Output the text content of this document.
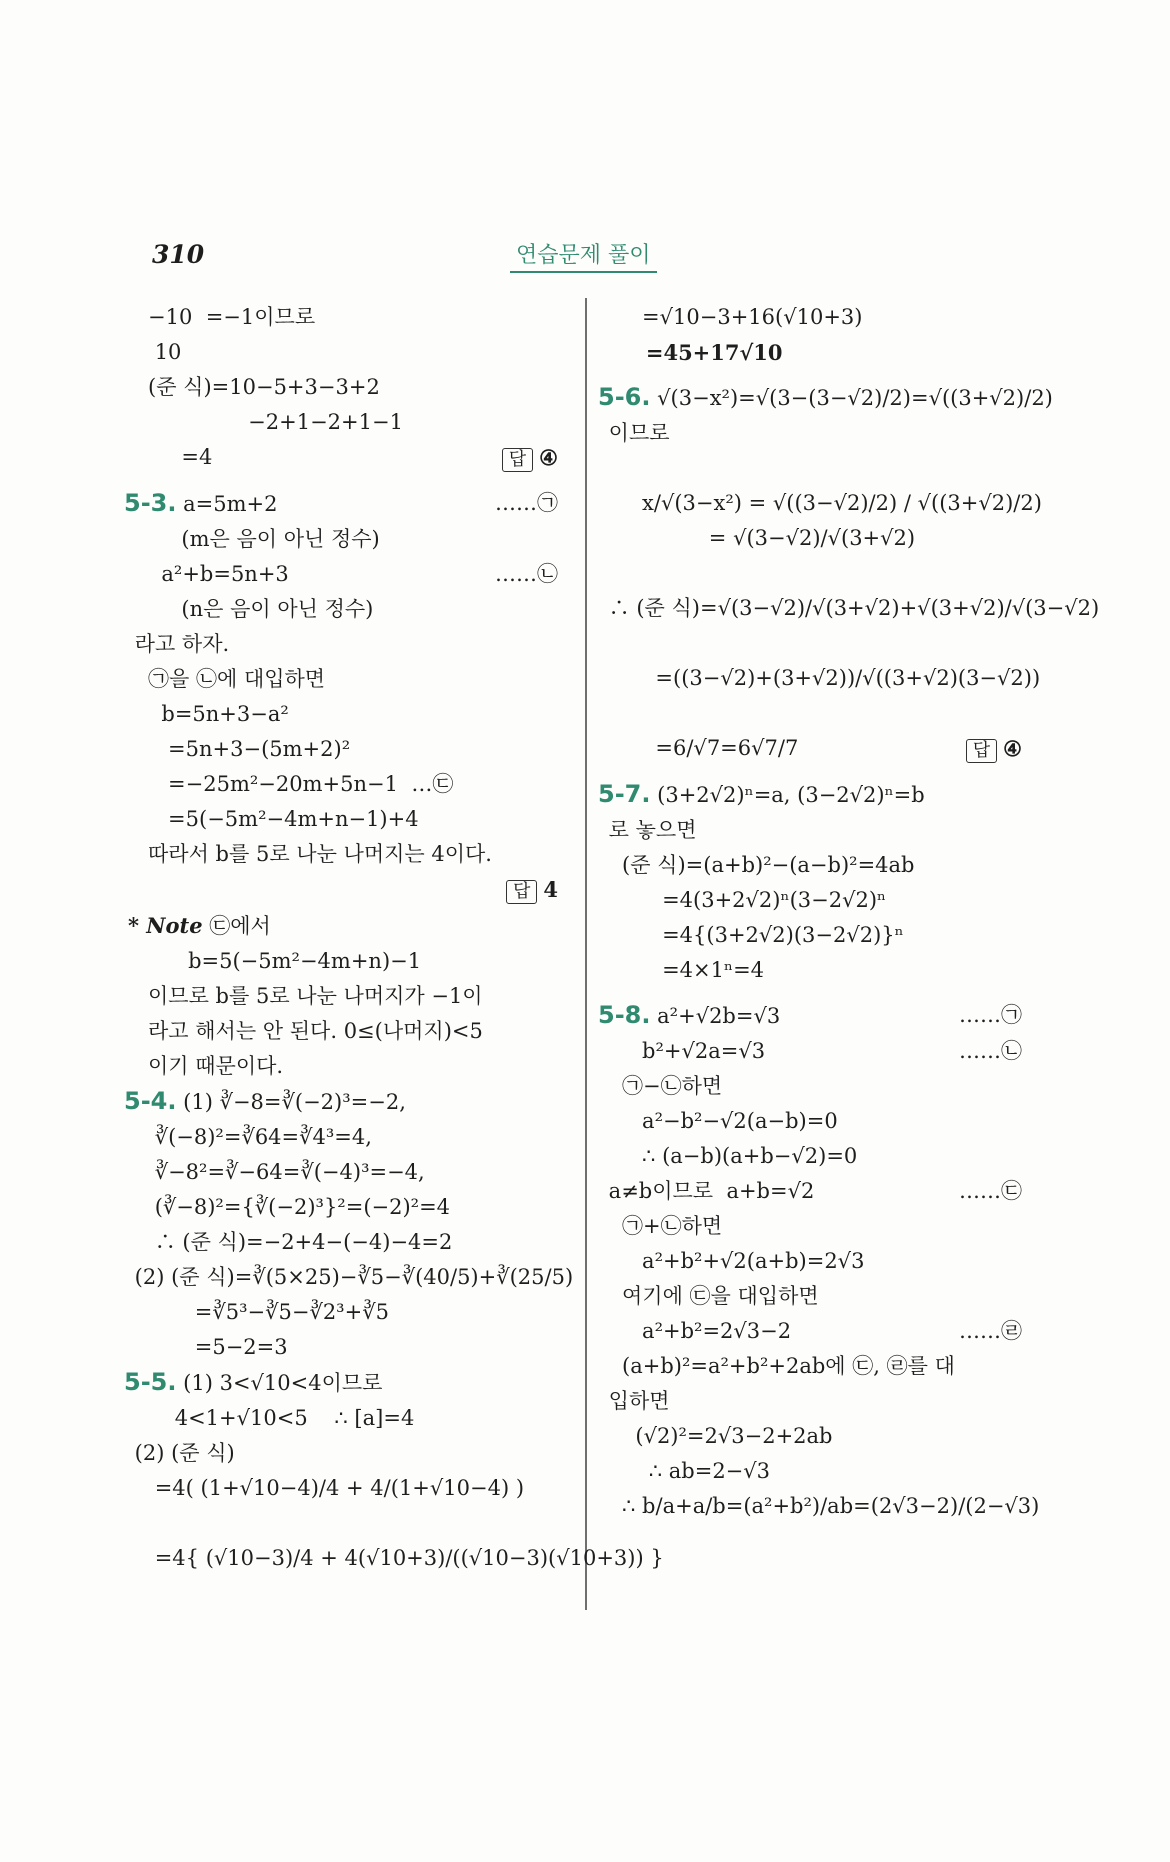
310	연습문제 풀이
−10  =−1이므로
10
(준 식)=10−5+3−3+2
−2+1−2+1−1
=4	답 ④
5-3. a=5m+2	……㉠
(m은 음이 아닌 정수)
a²+b=5n+3	……㉡
(n은 음이 아닌 정수)
라고 하자.
㉠을 ㉡에 대입하면
b=5n+3−a²
=5n+3−(5m+2)²
=−25m²−20m+5n−1  …㉢
=5(−5m²−4m+n−1)+4
따라서 b를 5로 나눈 나머지는 4이다.
답 4
* Note ㉢에서
b=5(−5m²−4m+n)−1
이므로 b를 5로 나눈 나머지가 −1이
라고 해서는 안 된다. 0≤(나머지)<5
이기 때문이다.
5-4. (1) ∛−8=∛(−2)³=−2,
∛(−8)²=∛64=∛4³=4,
∛−8²=∛−64=∛(−4)³=−4,
(∛−8)²={∛(−2)³}²=(−2)²=4
∴ (준 식)=−2+4−(−4)−4=2
(2) (준 식)=∛(5×25)−∛5−∛(40/5)+∛(25/5)
=∛5³−∛5−∛2³+∛5
=5−2=3
5-5. (1) 3<√10<4이므로
4<1+√10<5    ∴ [a]=4
(2) (준 식)
=4( (1+√10−4)/4 + 4/(1+√10−4) )
=4{ (√10−3)/4 + 4(√10+3)/((√10−3)(√10+3)) }
=√10−3+16(√10+3)
=45+17√10
5-6. √(3−x²)=√(3−(3−√2)/2)=√((3+√2)/2)
이므로
x/√(3−x²) = √((3−√2)/2) / √((3+√2)/2)
= √(3−√2)/√(3+√2)
∴ (준 식)=√(3−√2)/√(3+√2)+√(3+√2)/√(3−√2)
=((3−√2)+(3+√2))/√((3+√2)(3−√2))
=6/√7=6√7/7	답 ④
5-7. (3+2√2)ⁿ=a, (3−2√2)ⁿ=b
로 놓으면
(준 식)=(a+b)²−(a−b)²=4ab
=4(3+2√2)ⁿ(3−2√2)ⁿ
=4{(3+2√2)(3−2√2)}ⁿ
=4×1ⁿ=4
5-8. a²+√2b=√3	……㉠
b²+√2a=√3	……㉡
㉠−㉡하면
a²−b²−√2(a−b)=0
∴ (a−b)(a+b−√2)=0
a≠b이므로  a+b=√2	……㉢
㉠+㉡하면
a²+b²+√2(a+b)=2√3
여기에 ㉢을 대입하면
a²+b²=2√3−2	……㉣
(a+b)²=a²+b²+2ab에 ㉢, ㉣를 대
입하면
(√2)²=2√3−2+2ab
∴ ab=2−√3
∴ b/a+a/b=(a²+b²)/ab=(2√3−2)/(2−√3)
